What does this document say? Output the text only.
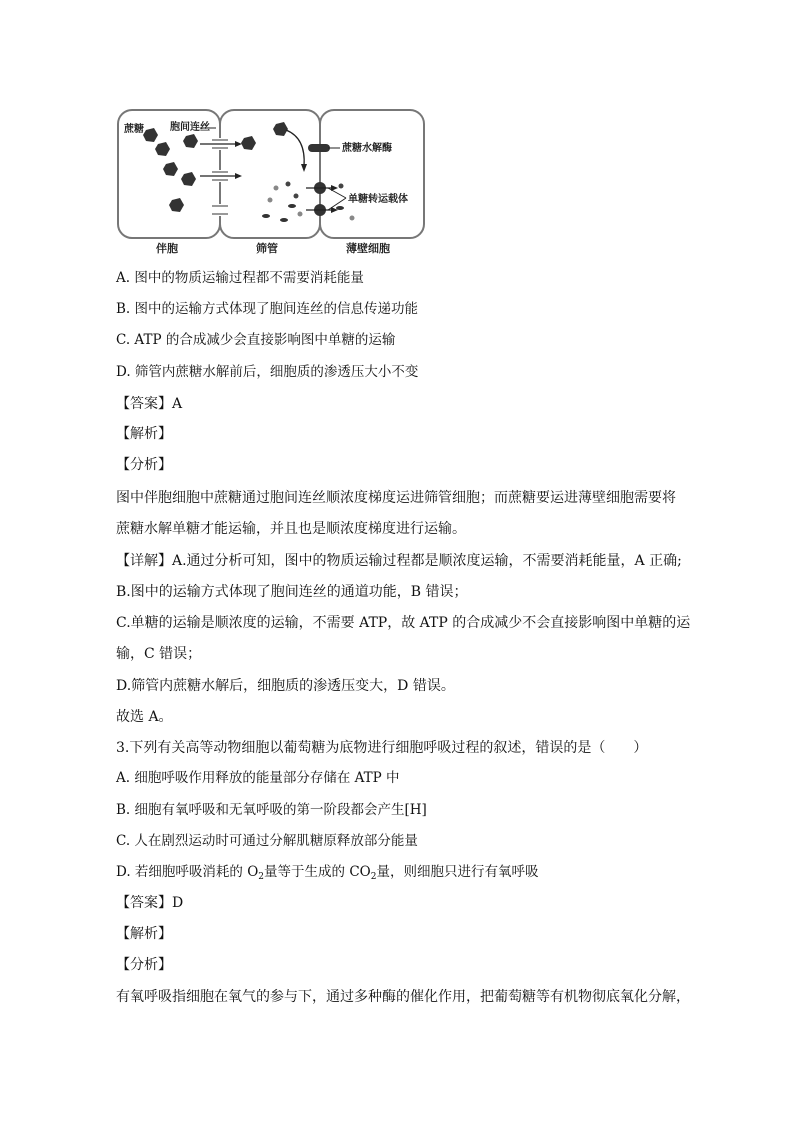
蔗糖	胞间连丝
蔗糖水解酶
单糖转运载体
伴胞	筛管	薄壁细胞
A. 图中的物质运输过程都不需要消耗能量
B. 图中的运输方式体现了胞间连丝的信息传递功能
C. ATP 的合成减少会直接影响图中单糖的运输
D. 筛管内蔗糖水解前后，细胞质的渗透压大小不变
【答案】A
【解析】
【分析】
图中伴胞细胞中蔗糖通过胞间连丝顺浓度梯度运进筛管细胞；而蔗糖要运进薄壁细胞需要将
蔗糖水解单糖才能运输，并且也是顺浓度梯度进行运输。
【详解】A.通过分析可知，图中的物质运输过程都是顺浓度运输，不需要消耗能量，A 正确;
B.图中的运输方式体现了胞间连丝的通道功能，B 错误；
C.单糖的运输是顺浓度的运输，不需要 ATP，故 ATP 的合成减少不会直接影响图中单糖的运
输，C 错误；
D.筛管内蔗糖水解后，细胞质的渗透压变大，D 错误。
故选 A。
3.下列有关高等动物细胞以葡萄糖为底物进行细胞呼吸过程的叙述，错误的是（　　）
A. 细胞呼吸作用释放的能量部分存储在 ATP 中
B. 细胞有氧呼吸和无氧呼吸的第一阶段都会产生[H]
C. 人在剧烈运动时可通过分解肌糖原释放部分能量
D. 若细胞呼吸消耗的 $O_2$量等于生成的 $CO_2$量，则细胞只进行有氧呼吸
【答案】D
【解析】
【分析】
有氧呼吸指细胞在氧气的参与下，通过多种酶的催化作用，把葡萄糖等有机物彻底氧化分解，
